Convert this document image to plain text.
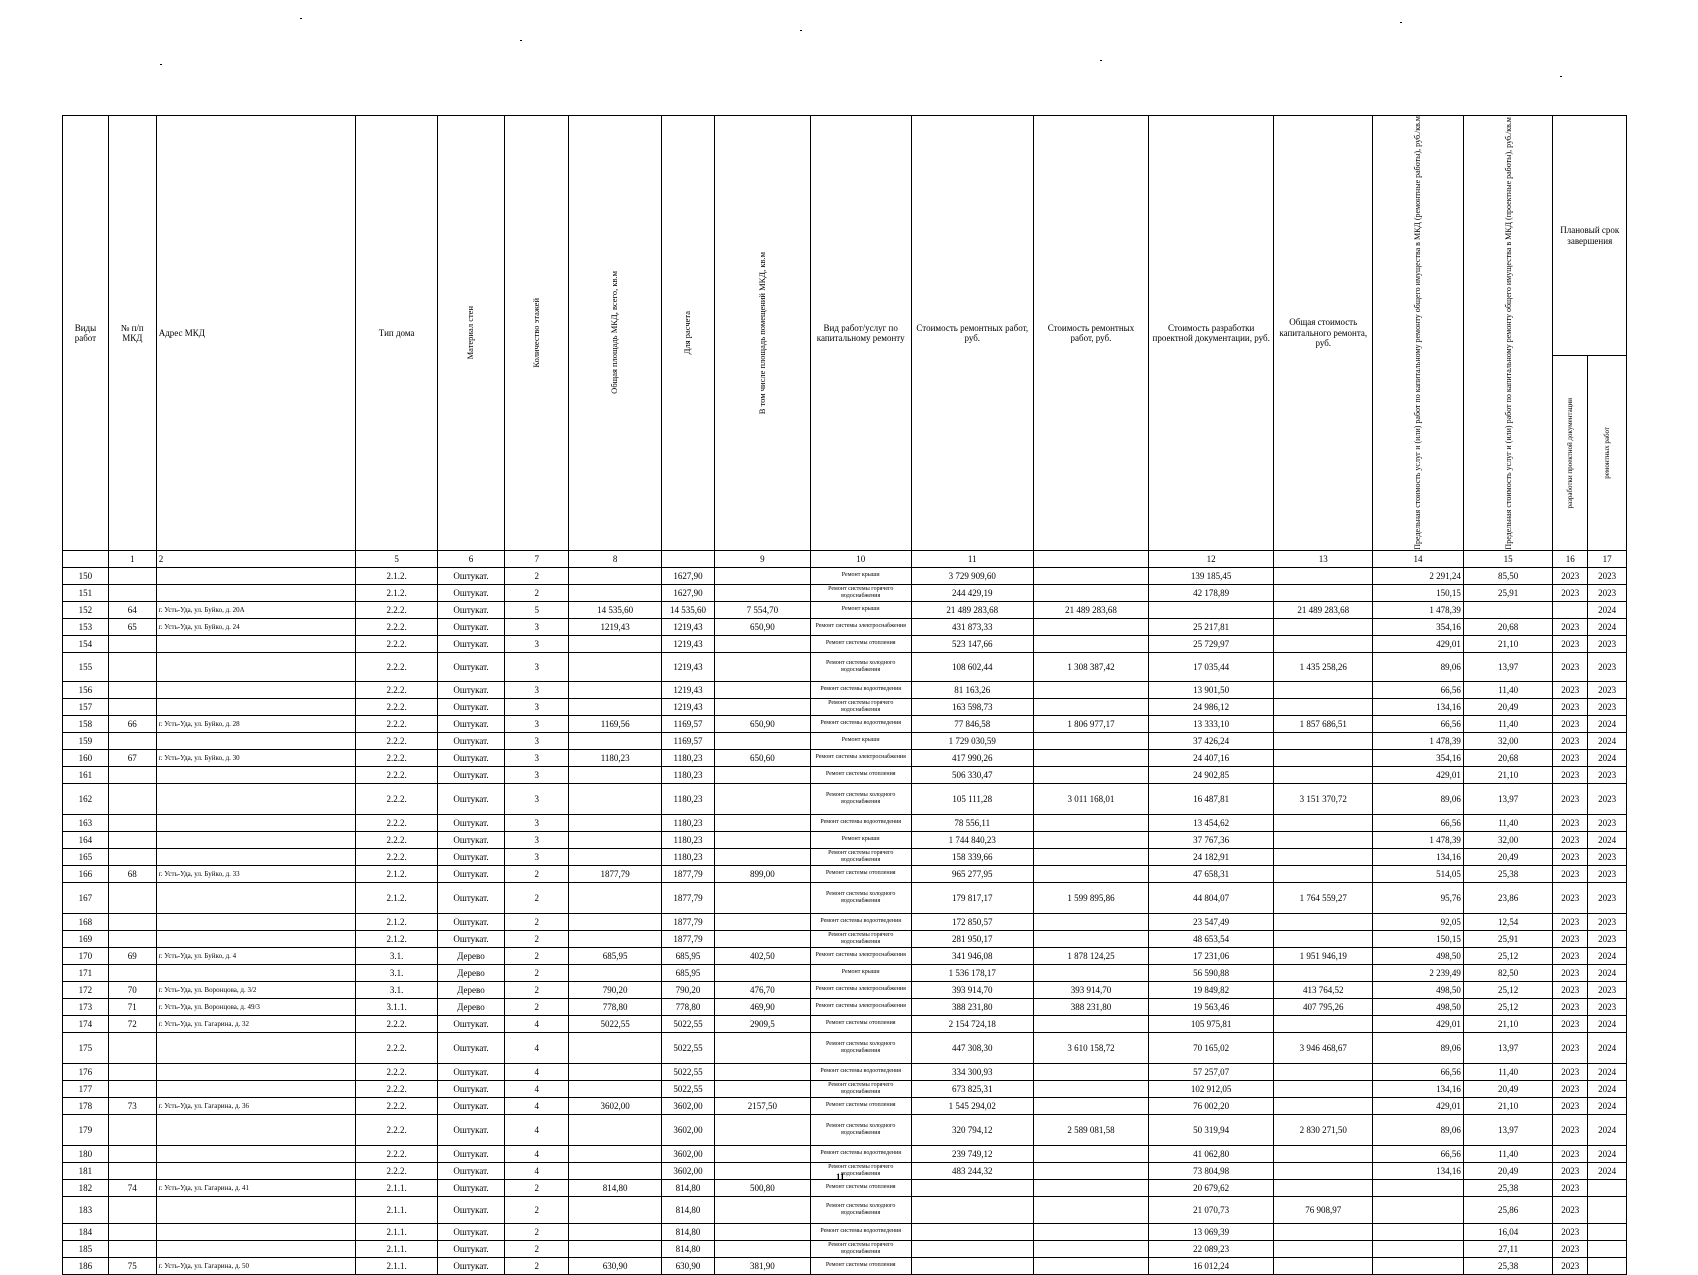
Виды работ	№ п/п МКД	Адрес МКД	Тип дома	Материал стен	Количество этажей	Общая площадь МКД, всего, кв.м	Для расчета	В том числе площадь помещений МКД, кв.м	Вид работ/услуг по капитальному ремонту	Стоимость ремонтных работ, руб.	Стоимость ремонтных работ, руб.	Стоимость разработки проектной документации, руб.	Общая стоимость капитального ремонта, руб.	Предельная стоимость услуг и (или) работ по капитальному ремонту общего имущества в МКД (ремонтные работы), руб./кв.м	Предельная стоимость услуг и (или) работ по капитальному ремонту общего имущества в МКД (проектные работы), руб./кв.м	Плановый срок завершения	

																разработки проектной документации	ремонтных работ

	1	2	5	6	7	8		9	10	11		12	13	14	15	16	17
150			2.1.2.	Оштукат.	2		1627,90		Ремонт крыши	3 729 909,60		139 185,45		2 291,24	85,50	2023	2023
151			2.1.2.	Оштукат.	2		1627,90		Ремонт системы горячего водоснабжения	244 429,19		42 178,89		150,15	25,91	2023	2023
152	64	г. Усть-Уда, ул. Буйко, д. 20А	2.2.2.	Оштукат.	5	14 535,60	14 535,60	7 554,70	Ремонт крыши	21 489 283,68	21 489 283,68		21 489 283,68	1 478,39			2024
153	65	г. Усть-Уда, ул. Буйко, д. 24	2.2.2.	Оштукат.	3	1219,43	1219,43	650,90	Ремонт системы электроснабжения	431 873,33		25 217,81		354,16	20,68	2023	2024
154			2.2.2.	Оштукат.	3		1219,43		Ремонт системы отопления	523 147,66		25 729,97		429,01	21,10	2023	2023
155			2.2.2.	Оштукат.	3		1219,43		Ремонт системы холодного водоснабжения	108 602,44	1 308 387,42	17 035,44	1 435 258,26	89,06	13,97	2023	2023
156			2.2.2.	Оштукат.	3		1219,43		Ремонт системы водоотведения	81 163,26		13 901,50		66,56	11,40	2023	2023
157			2.2.2.	Оштукат.	3		1219,43		Ремонт системы горячего водоснабжения	163 598,73		24 986,12		134,16	20,49	2023	2023
158	66	г. Усть-Уда, ул. Буйко, д. 28	2.2.2.	Оштукат.	3	1169,56	1169,57	650,90	Ремонт системы водоотведения	77 846,58	1 806 977,17	13 333,10	1 857 686,51	66,56	11,40	2023	2024
159			2.2.2.	Оштукат.	3		1169,57		Ремонт крыши	1 729 030,59		37 426,24		1 478,39	32,00	2023	2024
160	67	г. Усть-Уда, ул. Буйко, д. 30	2.2.2.	Оштукат.	3	1180,23	1180,23	650,60	Ремонт системы электроснабжения	417 990,26		24 407,16		354,16	20,68	2023	2024
161			2.2.2.	Оштукат.	3		1180,23		Ремонт системы отопления	506 330,47		24 902,85		429,01	21,10	2023	2023
162			2.2.2.	Оштукат.	3		1180,23		Ремонт системы холодного водоснабжения	105 111,28	3 011 168,01	16 487,81	3 151 370,72	89,06	13,97	2023	2023
163			2.2.2.	Оштукат.	3		1180,23		Ремонт системы водоотведения	78 556,11		13 454,62		66,56	11,40	2023	2023
164			2.2.2.	Оштукат.	3		1180,23		Ремонт крыши	1 744 840,23		37 767,36		1 478,39	32,00	2023	2024
165			2.2.2.	Оштукат.	3		1180,23		Ремонт системы горячего водоснабжения	158 339,66		24 182,91		134,16	20,49	2023	2023
166	68	г. Усть-Уда, ул. Буйко, д. 33	2.1.2.	Оштукат.	2	1877,79	1877,79	899,00	Ремонт системы отопления	965 277,95		47 658,31		514,05	25,38	2023	2023
167			2.1.2.	Оштукат.	2		1877,79		Ремонт системы холодного водоснабжения	179 817,17	1 599 895,86	44 804,07	1 764 559,27	95,76	23,86	2023	2023
168			2.1.2.	Оштукат.	2		1877,79		Ремонт системы водоотведения	172 850,57		23 547,49		92,05	12,54	2023	2023
169			2.1.2.	Оштукат.	2		1877,79		Ремонт системы горячего водоснабжения	281 950,17		48 653,54		150,15	25,91	2023	2023
170	69	г. Усть-Уда, ул. Буйко, д. 4	3.1.	Дерево	2	685,95	685,95	402,50	Ремонт системы электроснабжения	341 946,08	1 878 124,25	17 231,06	1 951 946,19	498,50	25,12	2023	2024
171			3.1.	Дерево	2		685,95		Ремонт крыши	1 536 178,17		56 590,88		2 239,49	82,50	2023	2024
172	70	г. Усть-Уда, ул. Воронцова, д. 3/2	3.1.	Дерево	2	790,20	790,20	476,70	Ремонт системы электроснабжения	393 914,70	393 914,70	19 849,82	413 764,52	498,50	25,12	2023	2023
173	71	г. Усть-Уда, ул. Воронцова, д. 49/3	3.1.1.	Дерево	2	778,80	778,80	469,90	Ремонт системы электроснабжения	388 231,80	388 231,80	19 563,46	407 795,26	498,50	25,12	2023	2023
174	72	г. Усть-Уда, ул. Гагарина, д. 32	2.2.2.	Оштукат.	4	5022,55	5022,55	2909,5	Ремонт системы отопления	2 154 724,18		105 975,81		429,01	21,10	2023	2024
175			2.2.2.	Оштукат.	4		5022,55		Ремонт системы холодного водоснабжения	447 308,30	3 610 158,72	70 165,02	3 946 468,67	89,06	13,97	2023	2024
176			2.2.2.	Оштукат.	4		5022,55		Ремонт системы водоотведения	334 300,93		57 257,07		66,56	11,40	2023	2024
177			2.2.2.	Оштукат.	4		5022,55		Ремонт системы горячего водоснабжения	673 825,31		102 912,05		134,16	20,49	2023	2024
178	73	г. Усть-Уда, ул. Гагарина, д. 36	2.2.2.	Оштукат.	4	3602,00	3602,00	2157,50	Ремонт системы отопления	1 545 294,02		76 002,20		429,01	21,10	2023	2024
179			2.2.2.	Оштукат.	4		3602,00		Ремонт системы холодного водоснабжения	320 794,12	2 589 081,58	50 319,94	2 830 271,50	89,06	13,97	2023	2024
180			2.2.2.	Оштукат.	4		3602,00		Ремонт системы водоотведения	239 749,12		41 062,80		66,56	11,40	2023	2024
181			2.2.2.	Оштукат.	4		3602,00		Ремонт системы горячего водоснабжения	483 244,32		73 804,98		134,16	20,49	2023	2024
182	74	г. Усть-Уда, ул. Гагарина, д. 41	2.1.1.	Оштукат.	2	814,80	814,80	500,80	Ремонт системы отопления			20 679,62			25,38	2023	
183			2.1.1.	Оштукат.	2		814,80		Ремонт системы холодного водоснабжения			21 070,73	76 908,97		25,86	2023	
184			2.1.1.	Оштукат.	2		814,80		Ремонт системы водоотведения			13 069,39			16,04	2023	
185			2.1.1.	Оштукат.	2		814,80		Ремонт системы горячего водоснабжения			22 089,23			27,11	2023	
186	75	г. Усть-Уда, ул. Гагарина, д. 50	2.1.1.	Оштукат.	2	630,90	630,90	381,90	Ремонт системы отопления			16 012,24			25,38	2023	
11
